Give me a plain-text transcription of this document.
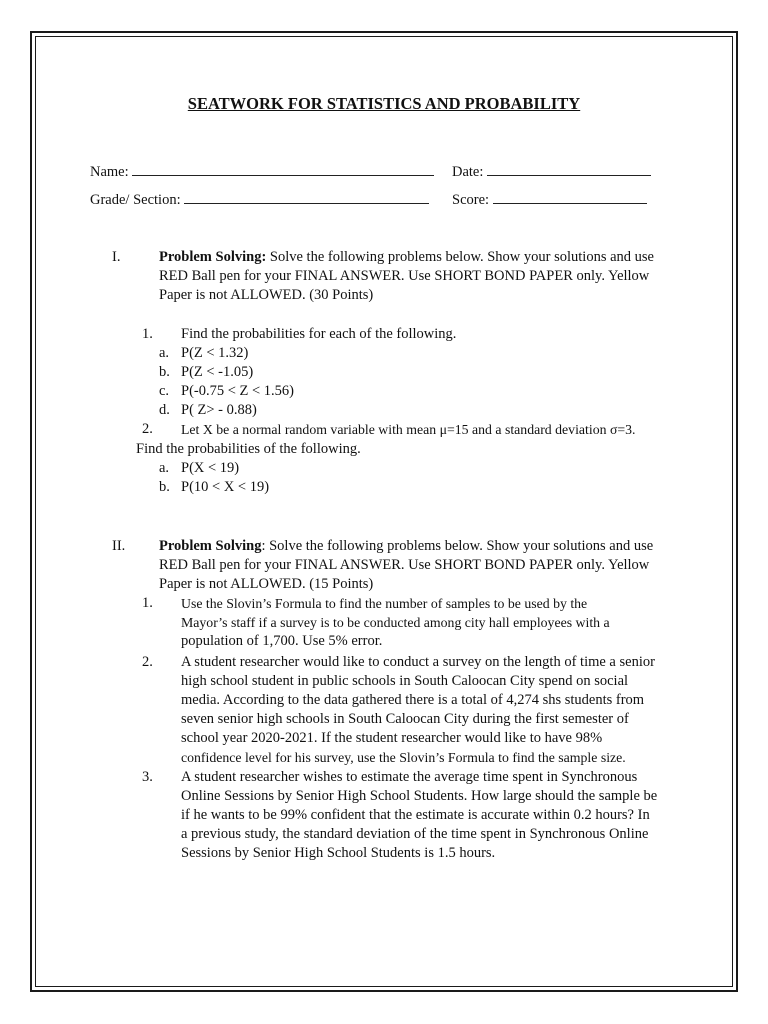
SEATWORK FOR STATISTICS AND PROBABILITY
Name:	Date:
Grade/ Section:	Score:
I.	Problem Solving: Solve the following problems below. Show your solutions and use
RED Ball pen for your FINAL ANSWER. Use SHORT BOND PAPER only. Yellow
Paper is not ALLOWED. (30 Points)
1. Find the probabilities for each of the following.
a. P(Z < 1.32)
b. P(Z < -1.05)
c. P(-0.75 < Z < 1.56)
d. P( Z> - 0.88)
2. Let X be a normal random variable with mean μ=15 and a standard deviation σ=3.
Find the probabilities of the following.
a. P(X < 19)
b. P(10 < X < 19)
II. Problem Solving: Solve the following problems below. Show your solutions and use
RED Ball pen for your FINAL ANSWER. Use SHORT BOND PAPER only. Yellow
Paper is not ALLOWED. (15 Points)
1. Use the Slovin’s Formula to find the number of samples to be used by the
Mayor’s staff if a survey is to be conducted among city hall employees with a
population of 1,700. Use 5% error.
2. A student researcher would like to conduct a survey on the length of time a senior
high school student in public schools in South Caloocan City spend on social
media. According to the data gathered there is a total of 4,274 shs students from
seven senior high schools in South Caloocan City during the first semester of
school year 2020-2021. If the student researcher would like to have 98%
confidence level for his survey, use the Slovin’s Formula to find the sample size.
3. A student researcher wishes to estimate the average time spent in Synchronous
Online Sessions by Senior High School Students. How large should the sample be
if he wants to be 99% confident that the estimate is accurate within 0.2 hours? In
a previous study, the standard deviation of the time spent in Synchronous Online
Sessions by Senior High School Students is 1.5 hours.
